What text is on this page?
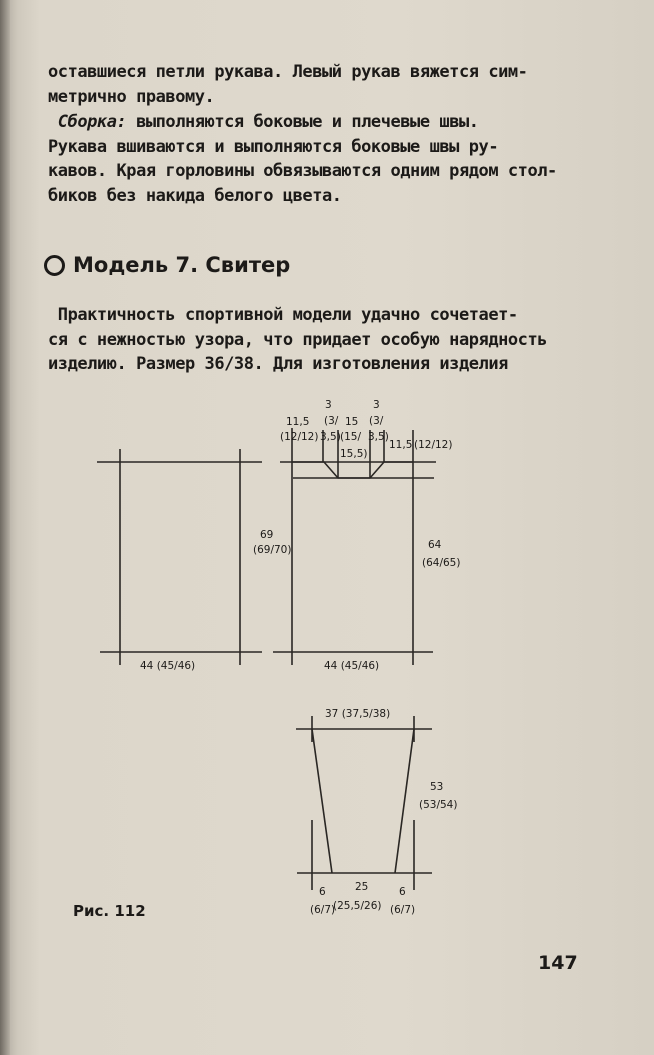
оставшиеся петли рукава. Левый рукав вяжется сим-
метрично правому.
 Сборка: выполняются боковые и плечевые швы.
Рукава вшиваются и выполняются боковые швы ру-
кавов. Края горловины обвязываются одним рядом стол-
биков без накида белого цвета.
Модель 7. Свитер
 Практичность спортивной модели удачно сочетает-
ся с нежностью узора, что придает особую нарядность
изделию. Размер 36/38. Для изготовления изделия
69
(69/70)
44 (45/46)
11,5
(12/12)
3
(3/
3,5)
15
(15/
15,5)
3
(3/
3,5)
11,5 (12/12)
64
(64/65)
44 (45/46)
37 (37,5/38)
53
(53/54)
6
(6/7)
25
(25,5/26)
6
(6/7)
Рис. 112
147
